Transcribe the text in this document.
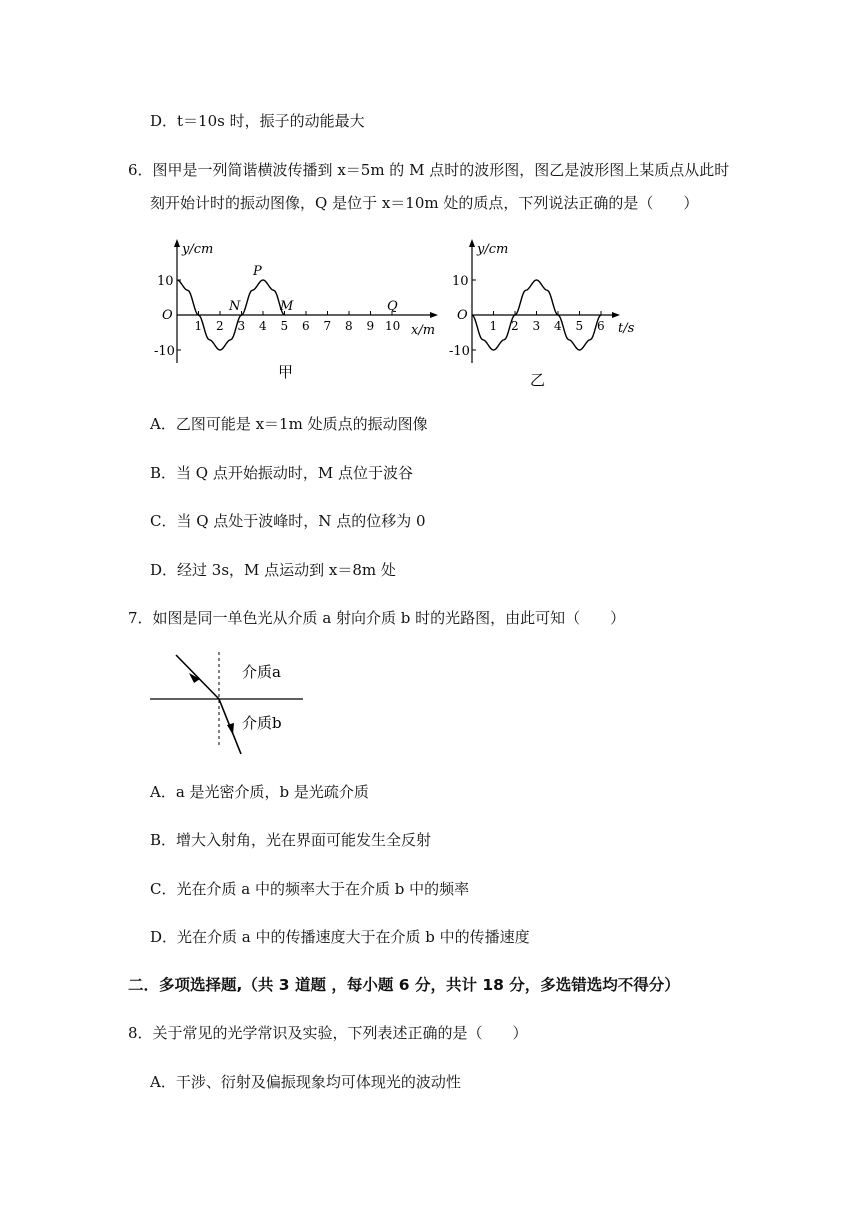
D．t＝10s 时，振子的动能最大
6．图甲是一列简谐横波传播到 x＝5m 的 M 点时的波形图，图乙是波形图上某质点从此时
刻开始计时的振动图像，Q 是位于 x＝10m 处的质点，下列说法正确的是（　　）
y/cm
O
10
-10
x/m
1 2 3 4 5 6 7 8 9 10
P
N	M	Q
甲
y/cm
O
10
-10
t/s
1 2 3 4 5 6
乙
A．乙图可能是 x＝1m 处质点的振动图像
B．当 Q 点开始振动时，M 点位于波谷
C．当 Q 点处于波峰时，N 点的位移为 0
D．经过 3s，M 点运动到 x＝8m 处
7．如图是同一单色光从介质 a 射向介质 b 时的光路图，由此可知（　　）
介质a
介质b
A．a 是光密介质，b 是光疏介质
B．增大入射角，光在界面可能发生全反射
C．光在介质 a 中的频率大于在介质 b 中的频率
D．光在介质 a 中的传播速度大于在介质 b 中的传播速度
二．多项选择题,（共 3 道题 ，每小题 6 分，共计 18 分，多选错选均不得分）
8．关于常见的光学常识及实验，下列表述正确的是（　　）
A．干涉、衍射及偏振现象均可体现光的波动性
